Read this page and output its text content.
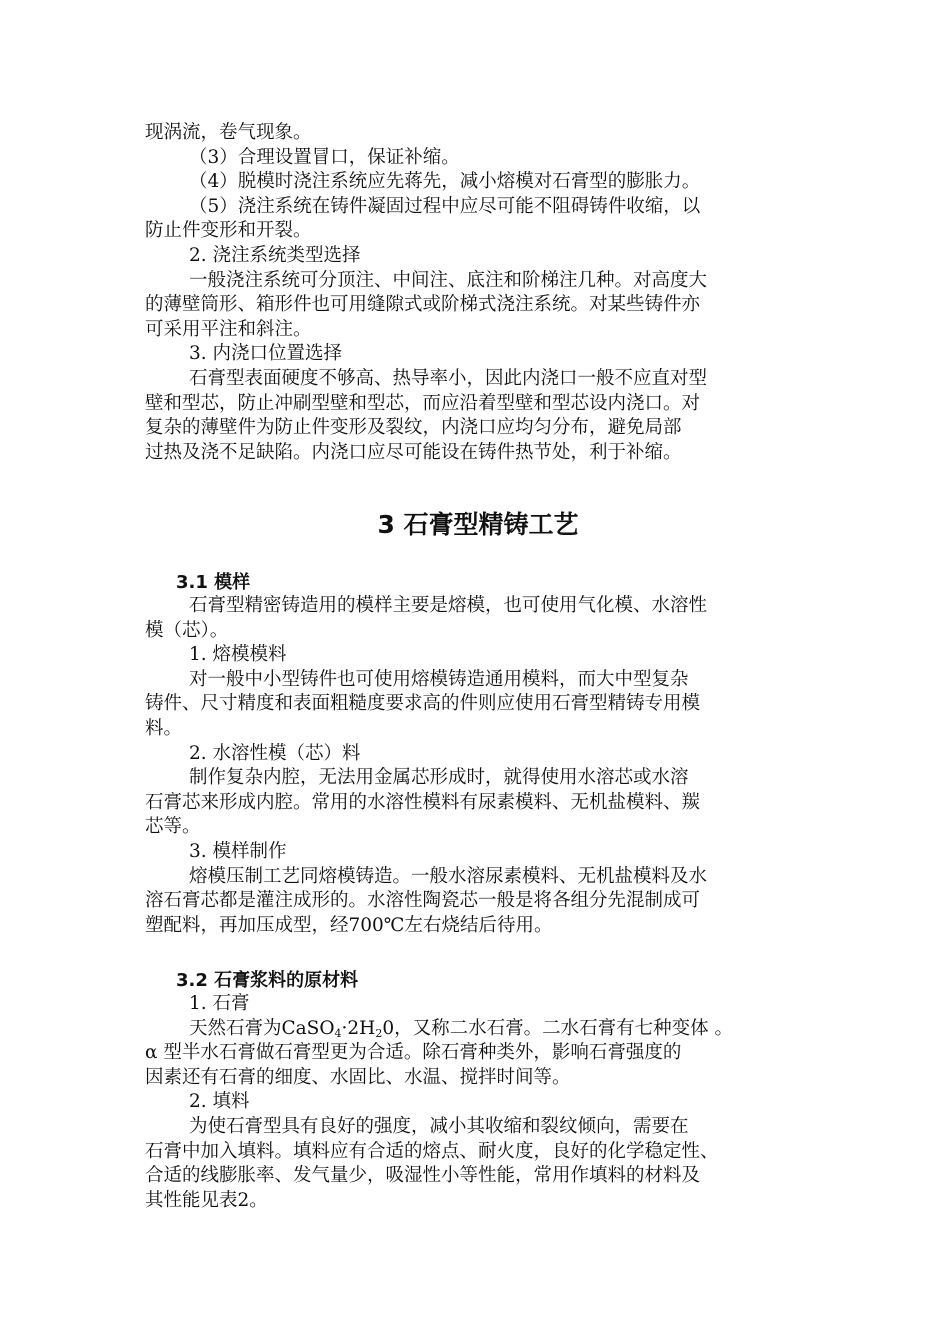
现涡流，卷气现象。
（3）合理设置冒口，保证补缩。
（4）脱模时浇注系统应先蒋先，减小熔模对石膏型的膨胀力。
（5）浇注系统在铸件凝固过程中应尽可能不阻碍铸件收缩，以
防止件变形和开裂。
2. 浇注系统类型选择
一般浇注系统可分顶注、中间注、底注和阶梯注几种。对高度大
的薄壁筒形、箱形件也可用缝隙式或阶梯式浇注系统。对某些铸件亦
可采用平注和斜注。
3. 内浇口位置选择
石膏型表面硬度不够高、热导率小，因此内浇口一般不应直对型
壁和型芯，防止冲刷型壁和型芯，而应沿着型壁和型芯设内浇口。对
复杂的薄壁件为防止件变形及裂纹，内浇口应均匀分布，避免局部
过热及浇不足缺陷。内浇口应尽可能设在铸件热节处，利于补缩。

3 石膏型精铸工艺
3.1 模样

石膏型精密铸造用的模样主要是熔模，也可使用气化模、水溶性
模（芯）。
1. 熔模模料
对一般中小型铸件也可使用熔模铸造通用模料，而大中型复杂
铸件、尺寸精度和表面粗糙度要求高的件则应使用石膏型精铸专用模
料。
2. 水溶性模（芯）料
制作复杂内腔，无法用金属芯形成时，就得使用水溶芯或水溶
石膏芯来形成内腔。常用的水溶性模料有尿素模料、无机盐模料、羰
芯等。
3. 模样制作
熔模压制工艺同熔模铸造。一般水溶尿素模料、无机盐模料及水
溶石膏芯都是灌注成形的。水溶性陶瓷芯一般是将各组分先混制成可
塑配料，再加压成型，经700℃左右烧结后待用。

3.2 石膏浆料的原材料

1. 石膏
天然石膏为$CaSO_4\cdot 2H_20$，又称二水石膏。二水石膏有七种变体 。
α 型半水石膏做石膏型更为合适。除石膏种类外，影响石膏强度的
因素还有石膏的细度、水固比、水温、搅拌时间等。
2. 填料
为使石膏型具有良好的强度，减小其收缩和裂纹倾向，需要在
石膏中加入填料。填料应有合适的熔点、耐火度，良好的化学稳定性、
合适的线膨胀率、发气量少，吸湿性小等性能，常用作填料的材料及
其性能见表2。
